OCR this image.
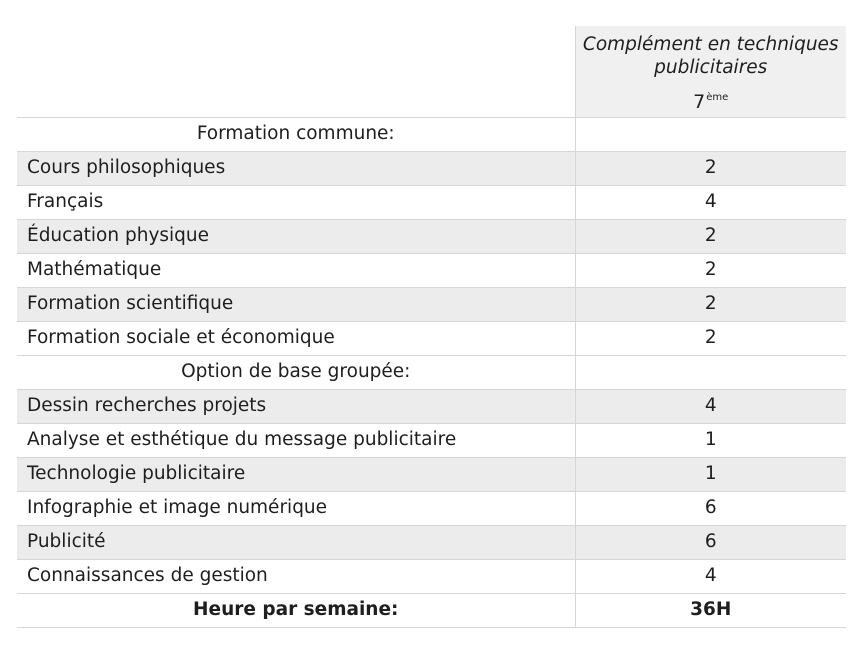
	Complément en techniques publicitaires
7ème

Formation commune:	
Cours philosophiques	2
Français	4
Éducation physique	2
Mathématique	2
Formation scientifique	2
Formation sociale et économique	2
Option de base groupée:	
Dessin recherches projets	4
Analyse et esthétique du message publicitaire	1
Technologie publicitaire	1
Infographie et image numérique	6
Publicité	6
Connaissances de gestion	4
Heure par semaine:	36H
